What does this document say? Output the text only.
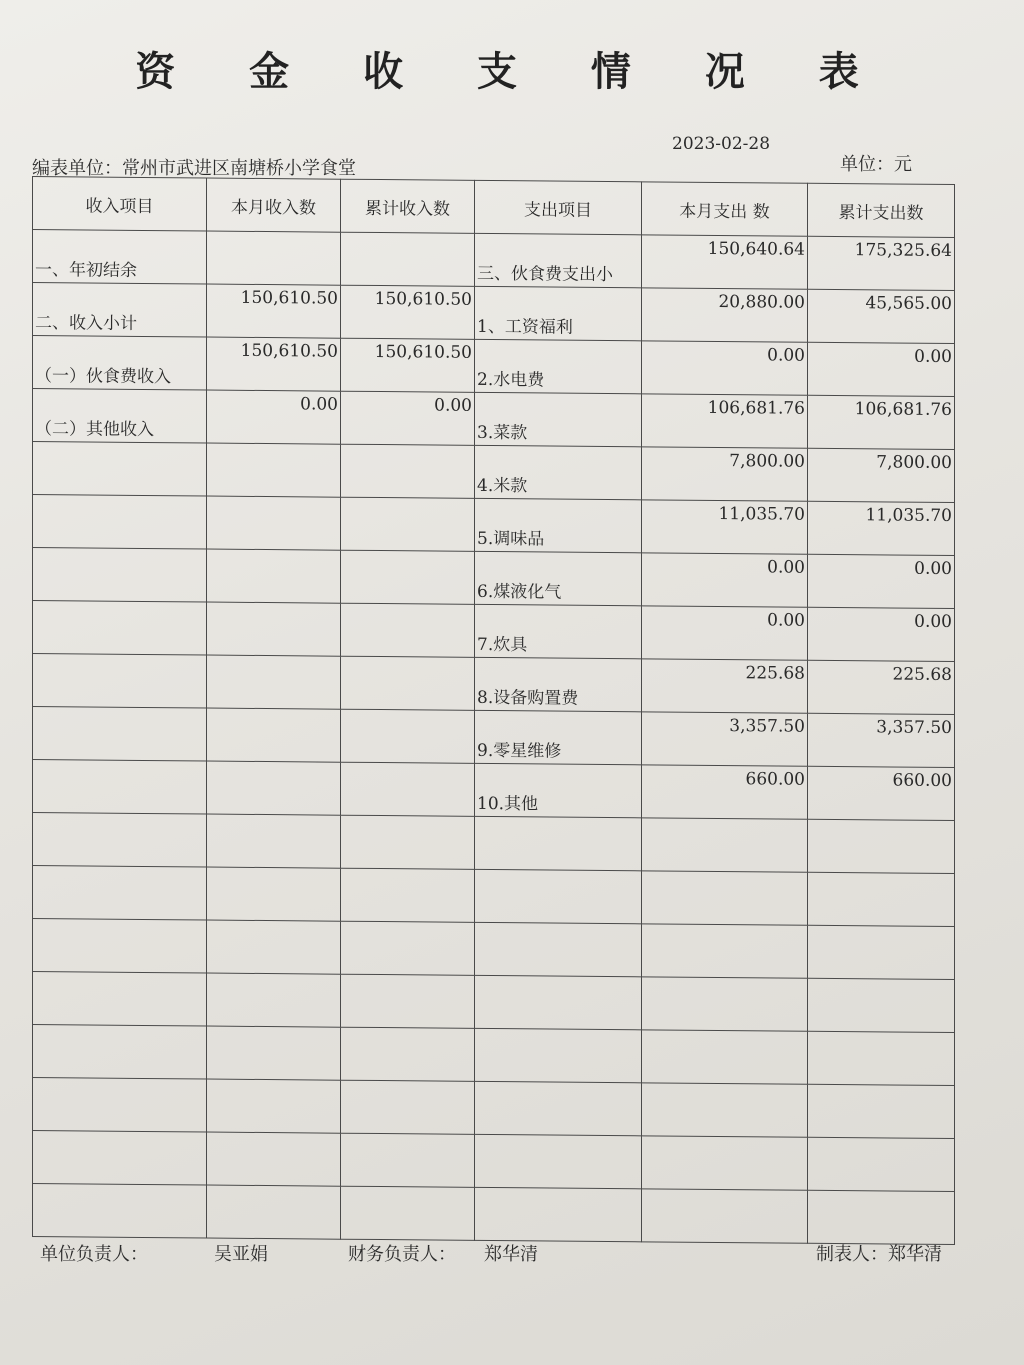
资 金 收 支 情 况 表
2023-02-28
编表单位：常州市武进区南塘桥小学食堂	单位：元
收入项目	本月收入数	累计收入数	支出项目	本月支出 数	累计支出数

一、年初结余			三、伙食费支出小	150,640.64	175,325.64

二、收入小计	150,610.50	150,610.50	1、工资福利	20,880.00	45,565.00

（一）伙食费收入	150,610.50	150,610.50	2.水电费	0.00	0.00

（二）其他收入	0.00	0.00	3.菜款	106,681.76	106,681.76

			4.米款	7,800.00	7,800.00

			5.调味品	11,035.70	11,035.70

			6.煤液化气	0.00	0.00

			7.炊具	0.00	0.00

			8.设备购置费	225.68	225.68

			9.零星维修	3,357.50	3,357.50

			10.其他	660.00	660.00

单位负责人：	吴亚娟	财务负责人： 郑华清	制表人：郑华清
